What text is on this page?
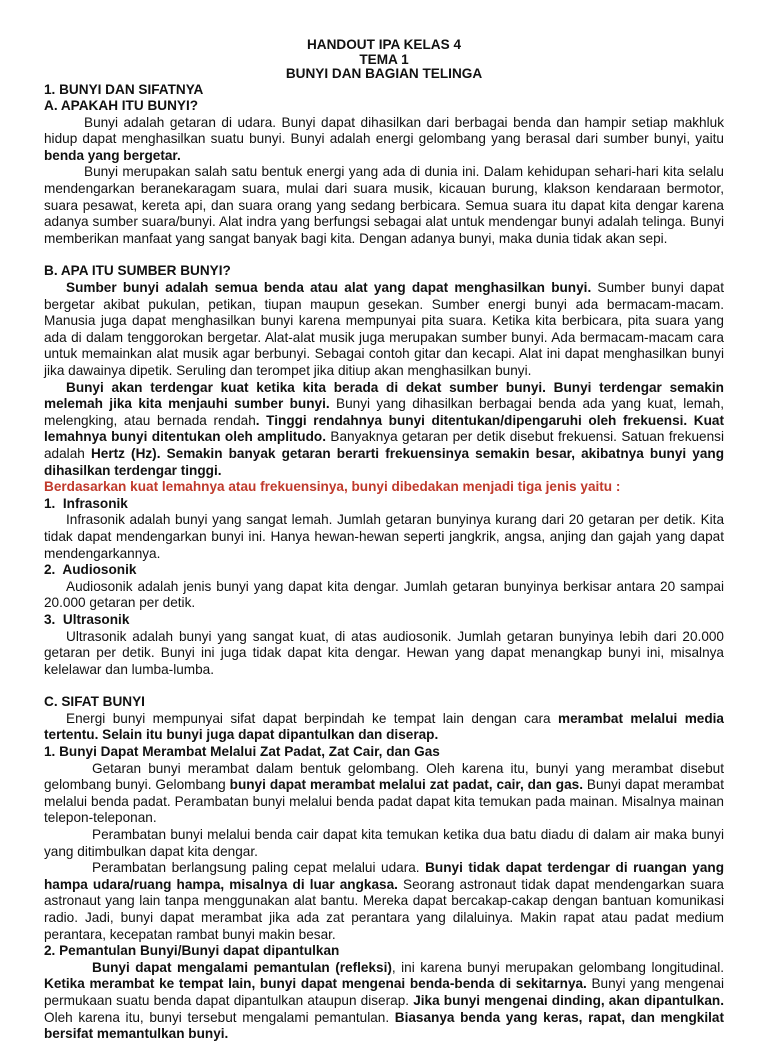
HANDOUT IPA KELAS 4
TEMA 1
BUNYI DAN BAGIAN TELINGA
1. BUNYI DAN SIFATNYA
A. APAKAH ITU BUNYI?

Bunyi adalah getaran di udara. Bunyi dapat dihasilkan dari berbagai benda dan hampir setiap makhluk hidup dapat menghasilkan suatu bunyi. Bunyi adalah energi gelombang yang berasal dari sumber bunyi, yaitu benda yang bergetar.

Bunyi merupakan salah satu bentuk energi yang ada di dunia ini. Dalam kehidupan sehari-hari kita selalu mendengarkan beranekaragam suara, mulai dari suara musik, kicauan burung, klakson kendaraan bermotor, suara pesawat, kereta api, dan suara orang yang sedang berbicara. Semua suara itu dapat kita dengar karena adanya sumber suara/bunyi. Alat indra yang berfungsi sebagai alat untuk mendengar bunyi adalah telinga. Bunyi memberikan manfaat yang sangat banyak bagi kita. Dengan adanya bunyi, maka dunia tidak akan sepi.

B. APA ITU SUMBER BUNYI?

Sumber bunyi adalah semua benda atau alat yang dapat menghasilkan bunyi. Sumber bunyi dapat bergetar akibat pukulan, petikan, tiupan maupun gesekan. Sumber energi bunyi ada bermacam-macam. Manusia juga dapat menghasilkan bunyi karena mempunyai pita suara. Ketika kita berbicara, pita suara yang ada di dalam tenggorokan bergetar. Alat-alat musik juga merupakan sumber bunyi. Ada bermacam-macam cara untuk memainkan alat musik agar berbunyi. Sebagai contoh gitar dan kecapi. Alat ini dapat menghasilkan bunyi jika dawainya dipetik. Seruling dan terompet jika ditiup akan menghasilkan bunyi.

Bunyi akan terdengar kuat ketika kita berada di dekat sumber bunyi. Bunyi terdengar semakin melemah jika kita menjauhi sumber bunyi. Bunyi yang dihasilkan berbagai benda ada yang kuat, lemah, melengking, atau bernada rendah. Tinggi rendahnya bunyi ditentukan/dipengaruhi oleh frekuensi. Kuat lemahnya bunyi ditentukan oleh amplitudo. Banyaknya getaran per detik disebut frekuensi. Satuan frekuensi adalah Hertz (Hz). Semakin banyak getaran berarti frekuensinya semakin besar, akibatnya bunyi yang dihasilkan terdengar tinggi.

Berdasarkan kuat lemahnya atau frekuensinya, bunyi dibedakan menjadi tiga jenis yaitu :
1. Infrasonik

Infrasonik adalah bunyi yang sangat lemah. Jumlah getaran bunyinya kurang dari 20 getaran per detik. Kita tidak dapat mendengarkan bunyi ini. Hanya hewan-hewan seperti jangkrik, angsa, anjing dan gajah yang dapat mendengarkannya.

2. Audiosonik

Audiosonik adalah jenis bunyi yang dapat kita dengar. Jumlah getaran bunyinya berkisar antara 20 sampai 20.000 getaran per detik.

3. Ultrasonik

Ultrasonik adalah bunyi yang sangat kuat, di atas audiosonik. Jumlah getaran bunyinya lebih dari 20.000 getaran per detik. Bunyi ini juga tidak dapat kita dengar. Hewan yang dapat menangkap bunyi ini, misalnya kelelawar dan lumba-lumba.

C. SIFAT BUNYI

Energi bunyi mempunyai sifat dapat berpindah ke tempat lain dengan cara merambat melalui media tertentu. Selain itu bunyi juga dapat dipantulkan dan diserap.

1. Bunyi Dapat Merambat Melalui Zat Padat, Zat Cair, dan Gas

Getaran bunyi merambat dalam bentuk gelombang. Oleh karena itu, bunyi yang merambat disebut gelombang bunyi. Gelombang bunyi dapat merambat melalui zat padat, cair, dan gas. Bunyi dapat merambat melalui benda padat. Perambatan bunyi melalui benda padat dapat kita temukan pada mainan. Misalnya mainan telepon-teleponan.

Perambatan bunyi melalui benda cair dapat kita temukan ketika dua batu diadu di dalam air maka bunyi yang ditimbulkan dapat kita dengar.

Perambatan berlangsung paling cepat melalui udara. Bunyi tidak dapat terdengar di ruangan yang hampa udara/ruang hampa, misalnya di luar angkasa. Seorang astronaut tidak dapat mendengarkan suara astronaut yang lain tanpa menggunakan alat bantu. Mereka dapat bercakap-cakap dengan bantuan komunikasi radio. Jadi, bunyi dapat merambat jika ada zat perantara yang dilaluinya. Makin rapat atau padat medium perantara, kecepatan rambat bunyi makin besar.

2. Pemantulan Bunyi/Bunyi dapat dipantulkan

Bunyi dapat mengalami pemantulan (refleksi), ini karena bunyi merupakan gelombang longitudinal. Ketika merambat ke tempat lain, bunyi dapat mengenai benda-benda di sekitarnya. Bunyi yang mengenai permukaan suatu benda dapat dipantulkan ataupun diserap. Jika bunyi mengenai dinding, akan dipantulkan. Oleh karena itu, bunyi tersebut mengalami pemantulan. Biasanya benda yang keras, rapat, dan mengkilat bersifat memantulkan bunyi.
